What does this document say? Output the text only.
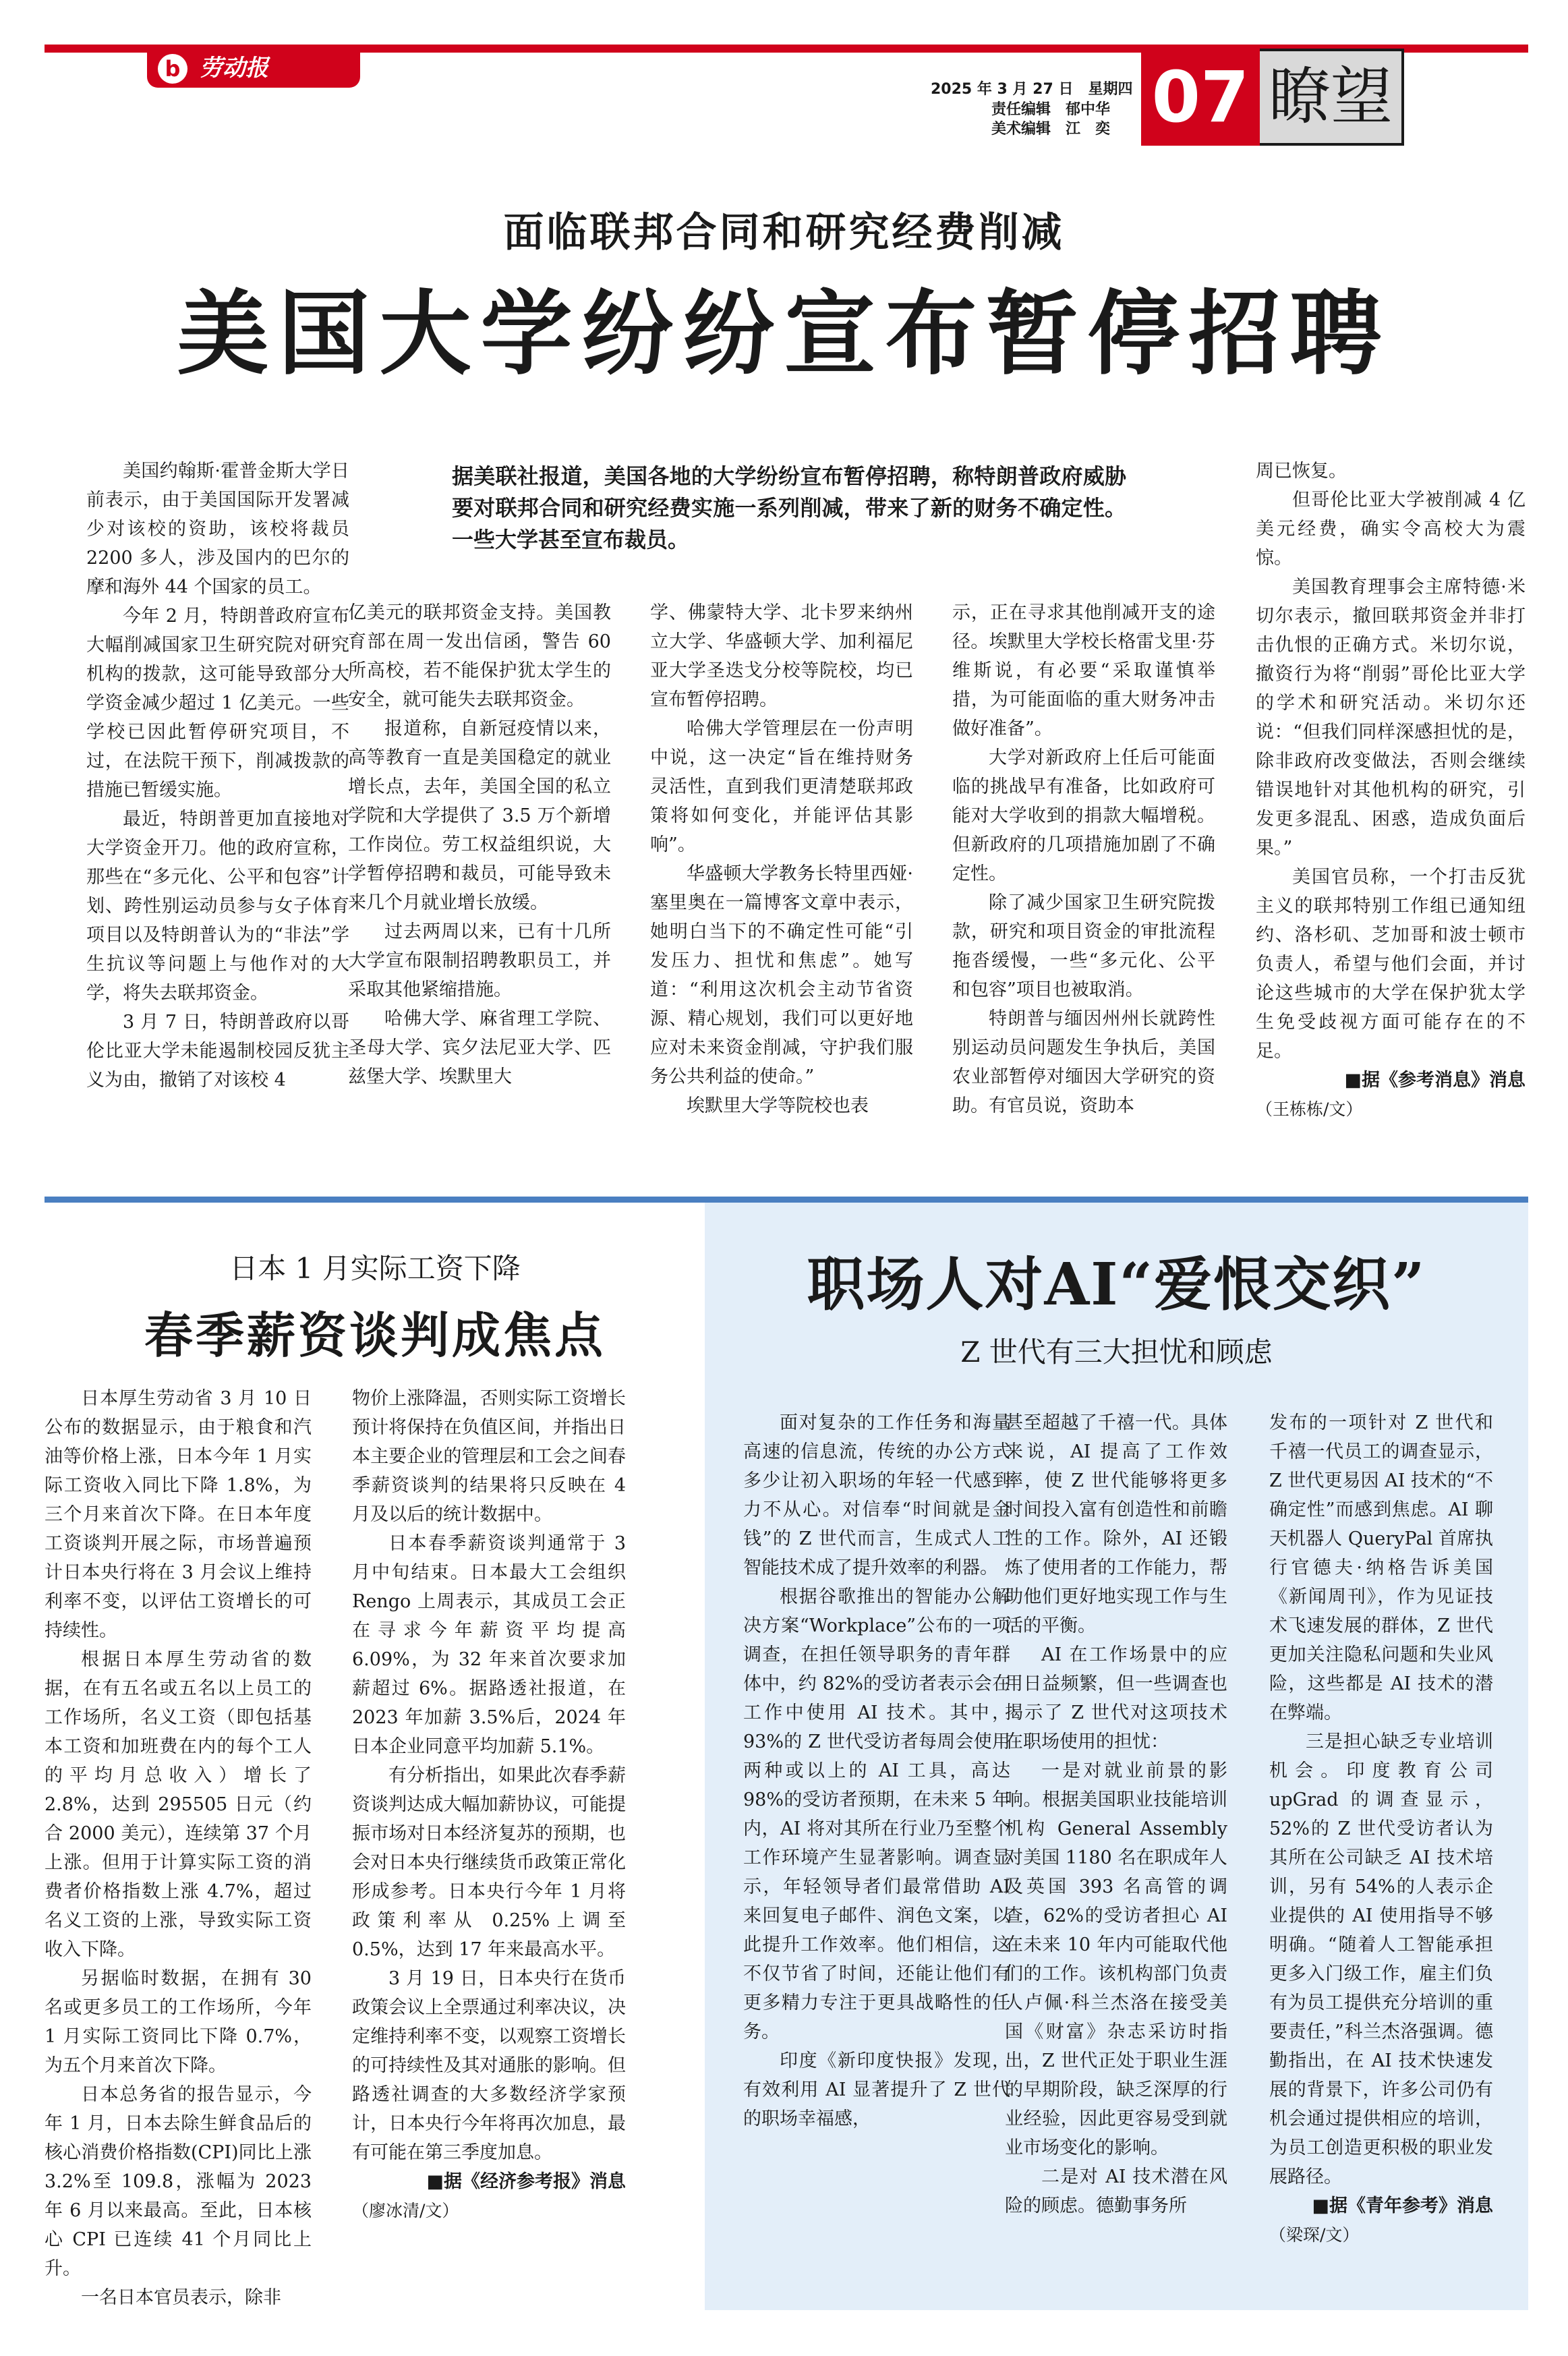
b 劳动报
2025 年 3 月 27 日　星期四
责任编辑　郁中华
美术编辑　江　奕 07 瞭望
面临联邦合同和研究经费削减
美国大学纷纷宣布暂停招聘
据美联社报道，美国各地的大学纷纷宣布暂停招聘，称特朗普政府威胁要对联邦合同和研究经费实施一系列削减，带来了新的财务不确定性。一些大学甚至宣布裁员。

美国约翰斯·霍普金斯大学日前表示，由于美国国际开发署减少对该校的资助，该校将裁员 2200 多人，涉及国内的巴尔的摩和海外 44 个国家的员工。

今年 2 月，特朗普政府宣布大幅削减国家卫生研究院对研究机构的拨款，这可能导致部分大学资金减少超过 1 亿美元。一些学校已因此暂停研究项目，不过，在法院干预下，削减拨款的措施已暂缓实施。

最近，特朗普更加直接地对大学资金开刀。他的政府宣称，那些在“多元化、公平和包容”计划、跨性别运动员参与女子体育项目以及特朗普认为的“非法”学生抗议等问题上与他作对的大学，将失去联邦资金。

3 月 7 日，特朗普政府以哥伦比亚大学未能遏制校园反犹主义为由，撤销了对该校 4

亿美元的联邦资金支持。美国教育部在周一发出信函，警告 60 所高校，若不能保护犹太学生的安全，就可能失去联邦资金。

报道称，自新冠疫情以来，高等教育一直是美国稳定的就业增长点，去年，美国全国的私立学院和大学提供了 3.5 万个新增工作岗位。劳工权益组织说，大学暂停招聘和裁员，可能导致未来几个月就业增长放缓。

过去两周以来，已有十几所大学宣布限制招聘教职员工，并采取其他紧缩措施。

哈佛大学、麻省理工学院、圣母大学、宾夕法尼亚大学、匹兹堡大学、埃默里大

学、佛蒙特大学、北卡罗来纳州立大学、华盛顿大学、加利福尼亚大学圣迭戈分校等院校，均已宣布暂停招聘。

哈佛大学管理层在一份声明中说，这一决定“旨在维持财务灵活性，直到我们更清楚联邦政策将如何变化，并能评估其影响”。

华盛顿大学教务长特里西娅·塞里奥在一篇博客文章中表示，她明白当下的不确定性可能“引发压力、担忧和焦虑”。她写道：“利用这次机会主动节省资源、精心规划，我们可以更好地应对未来资金削减，守护我们服务公共利益的使命。”

埃默里大学等院校也表

示，正在寻求其他削减开支的途径。埃默里大学校长格雷戈里·芬维斯说，有必要“采取谨慎举措，为可能面临的重大财务冲击做好准备”。

大学对新政府上任后可能面临的挑战早有准备，比如政府可能对大学收到的捐款大幅增税。但新政府的几项措施加剧了不确定性。

除了减少国家卫生研究院拨款，研究和项目资金的审批流程拖沓缓慢，一些“多元化、公平和包容”项目也被取消。

特朗普与缅因州州长就跨性别运动员问题发生争执后，美国农业部暂停对缅因大学研究的资助。有官员说，资助本

周已恢复。

但哥伦比亚大学被削减 4 亿美元经费，确实令高校大为震惊。

美国教育理事会主席特德·米切尔表示，撤回联邦资金并非打击仇恨的正确方式。米切尔说，撤资行为将“削弱”哥伦比亚大学的学术和研究活动。米切尔还说：“但我们同样深感担忧的是，除非政府改变做法，否则会继续错误地针对其他机构的研究，引发更多混乱、困惑，造成负面后果。”

美国官员称，一个打击反犹主义的联邦特别工作组已通知纽约、洛杉矶、芝加哥和波士顿市负责人，希望与他们会面，并讨论这些城市的大学在保护犹太学生免受歧视方面可能存在的不足。

■据《参考消息》消息

（王栋栋/文）

日本 1 月实际工资下降
春季薪资谈判成焦点

日本厚生劳动省 3 月 10 日公布的数据显示，由于粮食和汽油等价格上涨，日本今年 1 月实际工资收入同比下降 1.8%，为三个月来首次下降。在日本年度工资谈判开展之际，市场普遍预计日本央行将在 3 月会议上维持利率不变，以评估工资增长的可持续性。

根据日本厚生劳动省的数据，在有五名或五名以上员工的工作场所，名义工资（即包括基本工资和加班费在内的每个工人的平均月总收入）增长了 2.8%，达到 295505 日元（约合 2000 美元），连续第 37 个月上涨。但用于计算实际工资的消费者价格指数上涨 4.7%，超过名义工资的上涨，导致实际工资收入下降。

另据临时数据，在拥有 30 名或更多员工的工作场所，今年 1 月实际工资同比下降 0.7%，为五个月来首次下降。

日本总务省的报告显示，今年 1 月，日本去除生鲜食品后的核心消费价格指数(CPI)同比上涨 3.2%至 109.8，涨幅为 2023 年 6 月以来最高。至此，日本核心 CPI 已连续 41 个月同比上升。

一名日本官员表示，除非

物价上涨降温，否则实际工资增长预计将保持在负值区间，并指出日本主要企业的管理层和工会之间春季薪资谈判的结果将只反映在 4 月及以后的统计数据中。

日本春季薪资谈判通常于 3 月中旬结束。日本最大工会组织 Rengo 上周表示，其成员工会正在寻求今年薪资平均提高 6.09%，为 32 年来首次要求加薪超过 6%。据路透社报道，在 2023 年加薪 3.5%后，2024 年日本企业同意平均加薪 5.1%。

有分析指出，如果此次春季薪资谈判达成大幅加薪协议，可能提振市场对日本经济复苏的预期，也会对日本央行继续货币政策正常化形成参考。日本央行今年 1 月将政策利率从 0.25%上调至 0.5%，达到 17 年来最高水平。

3 月 19 日，日本央行在货币政策会议上全票通过利率决议，决定维持利率不变，以观察工资增长的可持续性及其对通胀的影响。但路透社调查的大多数经济学家预计，日本央行今年将再次加息，最有可能在第三季度加息。

■据《经济参考报》消息

（廖冰清/文）

职场人对AI“爱恨交织”
Z 世代有三大担忧和顾虑

面对复杂的工作任务和海量高速的信息流，传统的办公方式多少让初入职场的年轻一代感到力不从心。对信奉“时间就是金钱”的 Z 世代而言，生成式人工智能技术成了提升效率的利器。

根据谷歌推出的智能办公解决方案“Workplace”公布的一项调查，在担任领导职务的青年群体中，约 82%的受访者表示会在工作中使用 AI 技术。其中，93%的 Z 世代受访者每周会使用两种或以上的 AI 工具，高达 98%的受访者预期，在未来 5 年内，AI 将对其所在行业乃至整个工作环境产生显著影响。调查显示，年轻领导者们最常借助 AI 来回复电子邮件、润色文案，以此提升工作效率。他们相信，这不仅节省了时间，还能让他们有更多精力专注于更具战略性的任务。

印度《新印度快报》发现，有效利用 AI 显著提升了 Z 世代的职场幸福感，

甚至超越了千禧一代。具体来说，AI 提高了工作效率，使 Z 世代能够将更多时间投入富有创造性和前瞻性的工作。除外，AI 还锻炼了使用者的工作能力，帮助他们更好地实现工作与生活的平衡。

AI 在工作场景中的应用日益频繁，但一些调查也揭示了 Z 世代对这项技术在职场使用的担忧：

一是对就业前景的影响。根据美国职业技能培训机构 General Assembly 对美国 1180 名在职成年人及英国 393 名高管的调查，62%的受访者担心 AI 在未来 10 年内可能取代他们的工作。该机构部门负责人卢佩·科兰杰洛在接受美国《财富》杂志采访时指出，Z 世代正处于职业生涯的早期阶段，缺乏深厚的行业经验，因此更容易受到就业市场变化的影响。

二是对 AI 技术潜在风险的顾虑。德勤事务所

发布的一项针对 Z 世代和千禧一代员工的调查显示，Z 世代更易因 AI 技术的“不确定性”而感到焦虑。AI 聊天机器人 QueryPal 首席执行官德夫·纳格告诉美国《新闻周刊》，作为见证技术飞速发展的群体，Z 世代更加关注隐私问题和失业风险，这些都是 AI 技术的潜在弊端。

三是担心缺乏专业培训机会。印度教育公司 upGrad 的调查显示，52%的 Z 世代受访者认为其所在公司缺乏 AI 技术培训，另有 54%的人表示企业提供的 AI 使用指导不够明确。“随着人工智能承担更多入门级工作，雇主们负有为员工提供充分培训的重要责任，”科兰杰洛强调。德勤指出，在 AI 技术快速发展的背景下，许多公司仍有机会通过提供相应的培训，为员工创造更积极的职业发展路径。

■据《青年参考》消息

（梁琛/文）
